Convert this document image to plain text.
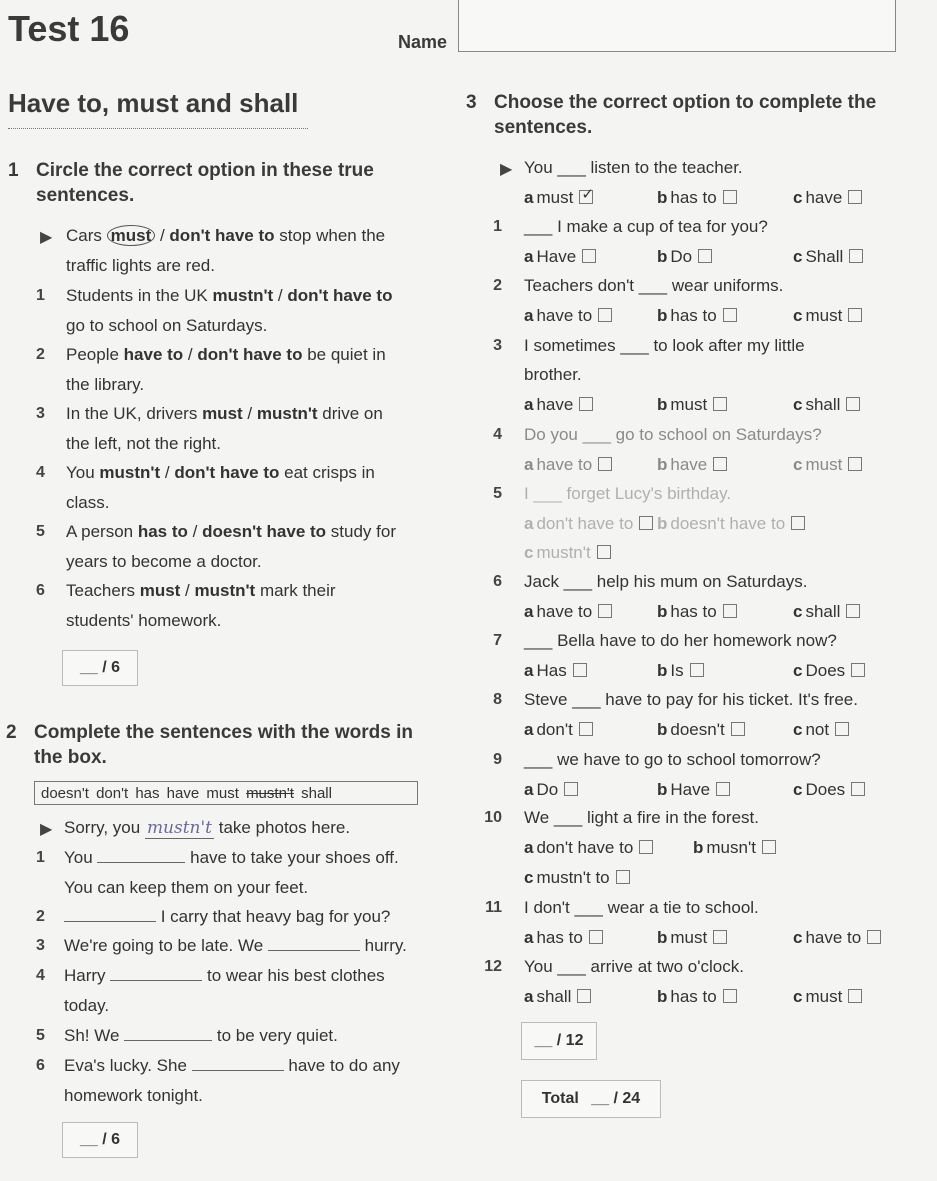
Test 16	Name
Have to, must and shall
1 Circle the correct option in these true
sentences.
▶ Cars must / don't have to stop when the
traffic lights are red.
1 Students in the UK mustn't / don't have to
go to school on Saturdays.
2 People have to / don't have to be quiet in
the library.
3 In the UK, drivers must / mustn't drive on
the left, not the right.
4 You mustn't / don't have to eat crisps in
class.
5 A person has to / doesn't have to study for
years to become a doctor.
6 Teachers must / mustn't mark their
students' homework.
__ / 6
2 Complete the sentences with the words in
the box.
doesn't don't has have must mustn't shall
▶ Sorry, you mustn't take photos here.
1 You	have to take your shoes off.
You can keep them on your feet.
2	I carry that heavy bag for you?
3 We're going to be late. We	hurry.
4 Harry	to wear his best clothes
today.
5 Sh! We	to be very quiet.
6 Eva's lucky. She	have to do any
homework tonight.
__ / 6
3 Choose the correct option to complete the
sentences.
▶ You ___ listen to the teacher.
a must✓	b has to	c have
1 ___ I make a cup of tea for you?
a Have	b Do	c Shall
2 Teachers don't ___ wear uniforms.
a have to	b has to	c must
3 I sometimes ___ to look after my little
brother.
a have	b must	c shall
4 Do you ___ go to school on Saturdays?
a have to	b have	c must
5 I ___ forget Lucy's birthday.
a don't have to	b doesn't have to
c mustn't
6 Jack ___ help his mum on Saturdays.
a have to	b has to	c shall
7 ___ Bella have to do her homework now?
a Has	b Is	c Does
8 Steve ___ have to pay for his ticket. It's free.
a don't	b doesn't	c not
9 ___ we have to go to school tomorrow?
a Do	b Have	c Does
10 We ___ light a fire in the forest.
a don't have to	b musn't
c mustn't to
11 I don't ___ wear a tie to school.
a has to	b must	c have to
12 You ___ arrive at two o'clock.
a shall	b has to	c must
__ / 12
Total __ / 24
